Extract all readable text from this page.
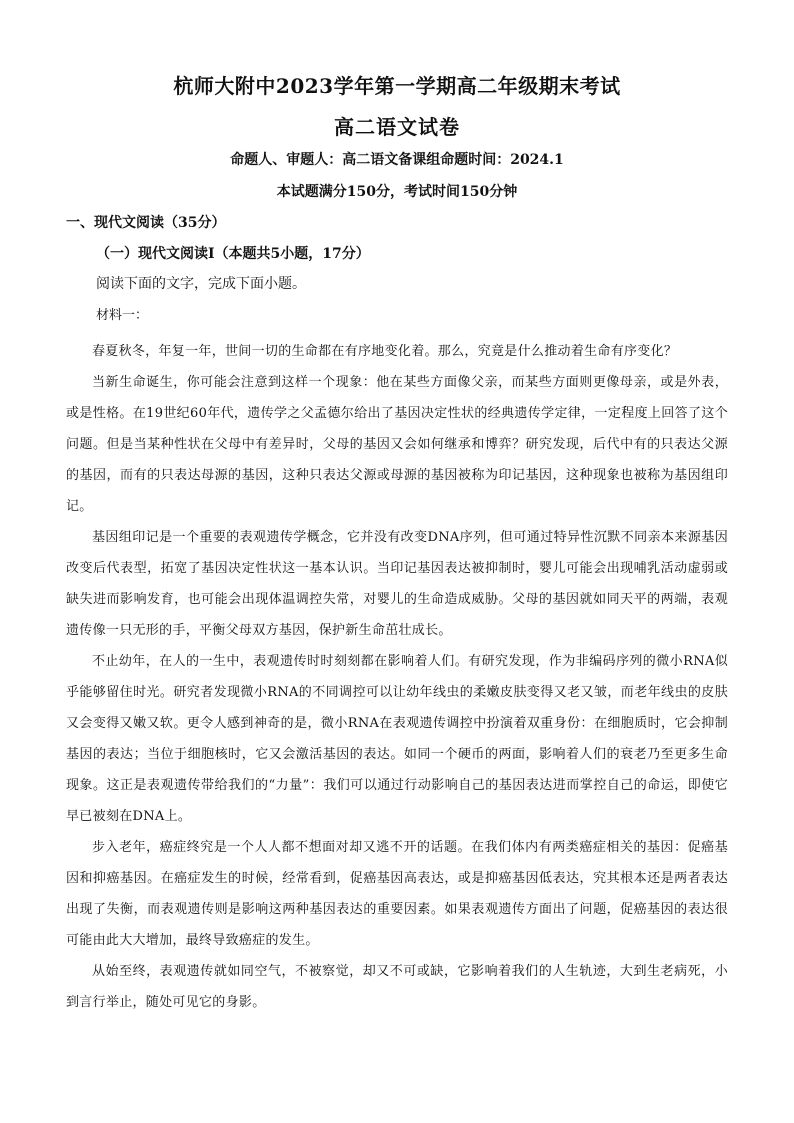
杭师大附中2023学年第一学期高二年级期末考试
高二语文试卷
命题人、审题人：高二语文备课组命题时间：2024.1
本试题满分150分，考试时间150分钟
一、现代文阅读（35分）
（一）现代文阅读Ⅰ（本题共5小题，17分）
阅读下面的文字，完成下面小题。
材料一：

春夏秋冬，年复一年，世间一切的生命都在有序地变化着。那么，究竟是什么推动着生命有序变化？

当新生命诞生，你可能会注意到这样一个现象：他在某些方面像父亲，而某些方面则更像母亲，或是外表，或是性格。在19世纪60年代，遗传学之父孟德尔给出了基因决定性状的经典遗传学定律，一定程度上回答了这个问题。但是当某种性状在父母中有差异时，父母的基因又会如何继承和博弈？研究发现，后代中有的只表达父源的基因，而有的只表达母源的基因，这种只表达父源或母源的基因被称为印记基因，这种现象也被称为基因组印记。

基因组印记是一个重要的表观遗传学概念，它并没有改变DNA序列，但可通过特异性沉默不同亲本来源基因改变后代表型，拓宽了基因决定性状这一基本认识。当印记基因表达被抑制时，婴儿可能会出现哺乳活动虚弱或缺失进而影响发育，也可能会出现体温调控失常，对婴儿的生命造成威胁。父母的基因就如同天平的两端，表观遗传像一只无形的手，平衡父母双方基因，保护新生命茁壮成长。

不止幼年，在人的一生中，表观遗传时时刻刻都在影响着人们。有研究发现，作为非编码序列的微小RNA似乎能够留住时光。研究者发现微小RNA的不同调控可以让幼年线虫的柔嫩皮肤变得又老又皱，而老年线虫的皮肤又会变得又嫩又软。更令人感到神奇的是，微小RNA在表观遗传调控中扮演着双重身份：在细胞质时，它会抑制基因的表达；当位于细胞核时，它又会激活基因的表达。如同一个硬币的两面，影响着人们的衰老乃至更多生命现象。这正是表观遗传带给我们的“力量”：我们可以通过行动影响自己的基因表达进而掌控自己的命运，即使它早已被刻在DNA上。

步入老年，癌症终究是一个人人都不想面对却又逃不开的话题。在我们体内有两类癌症相关的基因：促癌基因和抑癌基因。在癌症发生的时候，经常看到，促癌基因高表达，或是抑癌基因低表达，究其根本还是两者表达出现了失衡，而表观遗传则是影响这两种基因表达的重要因素。如果表观遗传方面出了问题，促癌基因的表达很可能由此大大增加，最终导致癌症的发生。

从始至终，表观遗传就如同空气，不被察觉，却又不可或缺，它影响着我们的人生轨迹，大到生老病死，小到言行举止，随处可见它的身影。
